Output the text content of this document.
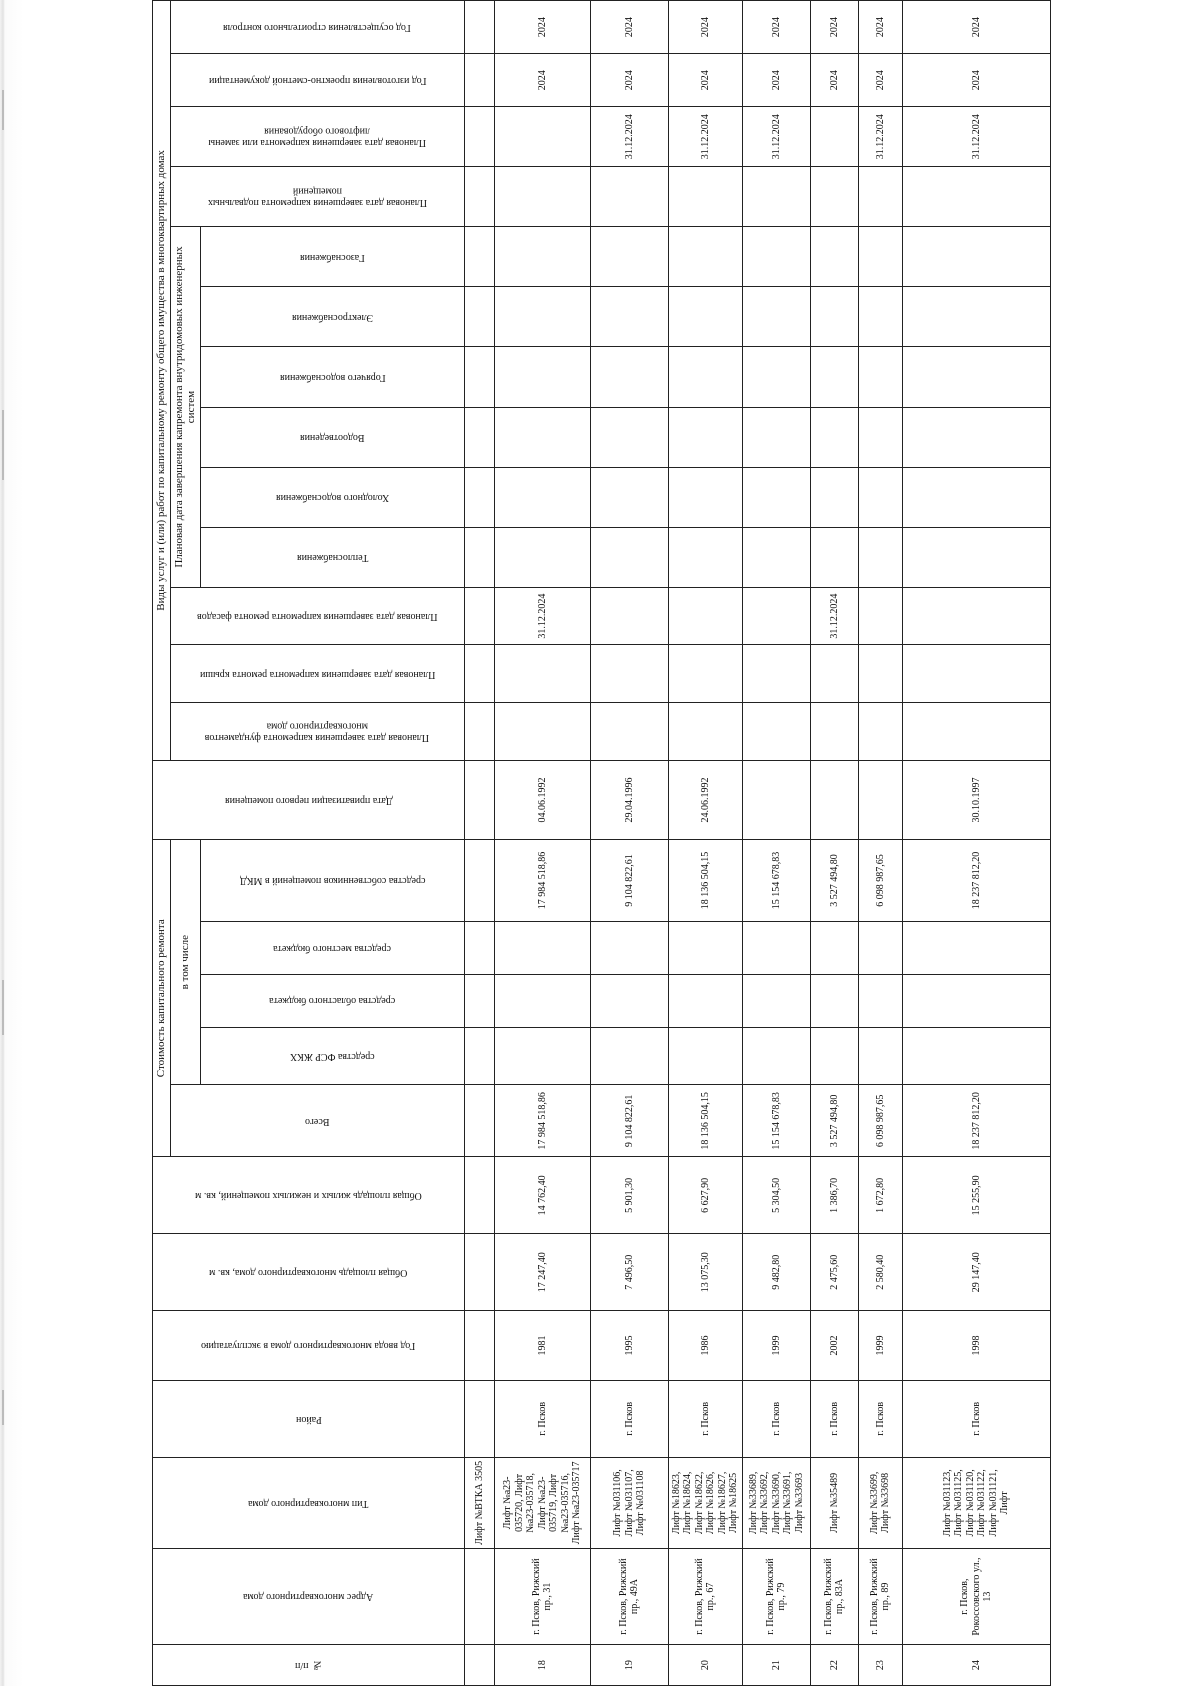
№ п/п	Адрес многоквартирного дома	Тип многоквартирного дома	Район	Год ввода многоквартирного дома в эксплуатацию	Общая площадь многоквартирного дома, кв. м	Общая площадь жилых и нежилых помещений, кв. м	Стоимость капитального ремонта					Дата приватизации первого помещения	Виды услуг и (или) работ по капитальному ремонту общего имущества в многоквартирных домах												

							Всего	в том числе					Плановая дата завершения капремонта фундаментов многоквартирного дома	Плановая дата завершения капремонта ремонта крыши	Плановая дата завершения капремонта ремонта фасадов	Плановая дата завершения капремонта внутридомовых инженерных систем						Плановая дата завершения капремонта подвальных помещений	Плановая дата завершения капремонта или замены лифтового оборудования	Год изготовления проектно-сметной документации	Год осуществления строительного контроля

								средства ФСР ЖКХ	средства областного бюджета	средства местного бюджета	средства собственников помещений в МКД					Теплоснабжения	Холодного водоснабжения	Водоотведения	Горячего водоснабжения	Электроснабжения	Газоснабжения				

		Лифт №ВТКА 3505																							
18	г. Псков, Рижский пр., 31	Лифт №а23-035720, Лифт №а23-035718, Лифт №а23-035719, Лифт №а23-035716, Лифт №а23-035717	г. Псков	1981	17 247,40	14 762,40	17 984 518,86				17 984 518,86	04.06.1992			31.12.2024									2024	2024
19	г. Псков, Рижский пр., 49А	Лифт №031106, Лифт №031107, Лифт №031108	г. Псков	1995	7 496,50	5 901,30	9 104 822,61				9 104 822,61	29.04.1996											31.12.2024	2024	2024
20	г. Псков, Рижский пр., 67	Лифт №18623, Лифт №18624, Лифт №18622, Лифт №18626, Лифт №18627, Лифт №18625	г. Псков	1986	13 075,30	6 627,90	18 136 504,15				18 136 504,15	24.06.1992											31.12.2024	2024	2024
21	г. Псков, Рижский пр., 79	Лифт №33689, Лифт №33692, Лифт №33690, Лифт №33691, Лифт №33693	г. Псков	1999	9 482,80	5 304,50	15 154 678,83				15 154 678,83												31.12.2024	2024	2024
22	г. Псков, Рижский пр., 83А	Лифт №35489	г. Псков	2002	2 475,60	1 386,70	3 527 494,80				3 527 494,80				31.12.2024									2024	2024
23	г. Псков, Рижский пр., 89	Лифт №33699, Лифт №33698	г. Псков	1999	2 580,40	1 672,80	6 098 987,65				6 098 987,65												31.12.2024	2024	2024
24	г. Псков, Рокоссовского ул., 13	Лифт №031123, Лифт №031125, Лифт №031120, Лифт №031122, Лифт №031121, Лифт	г. Псков	1998	29 147,40	15 255,90	18 237 812,20				18 237 812,20	30.10.1997											31.12.2024	2024	2024
